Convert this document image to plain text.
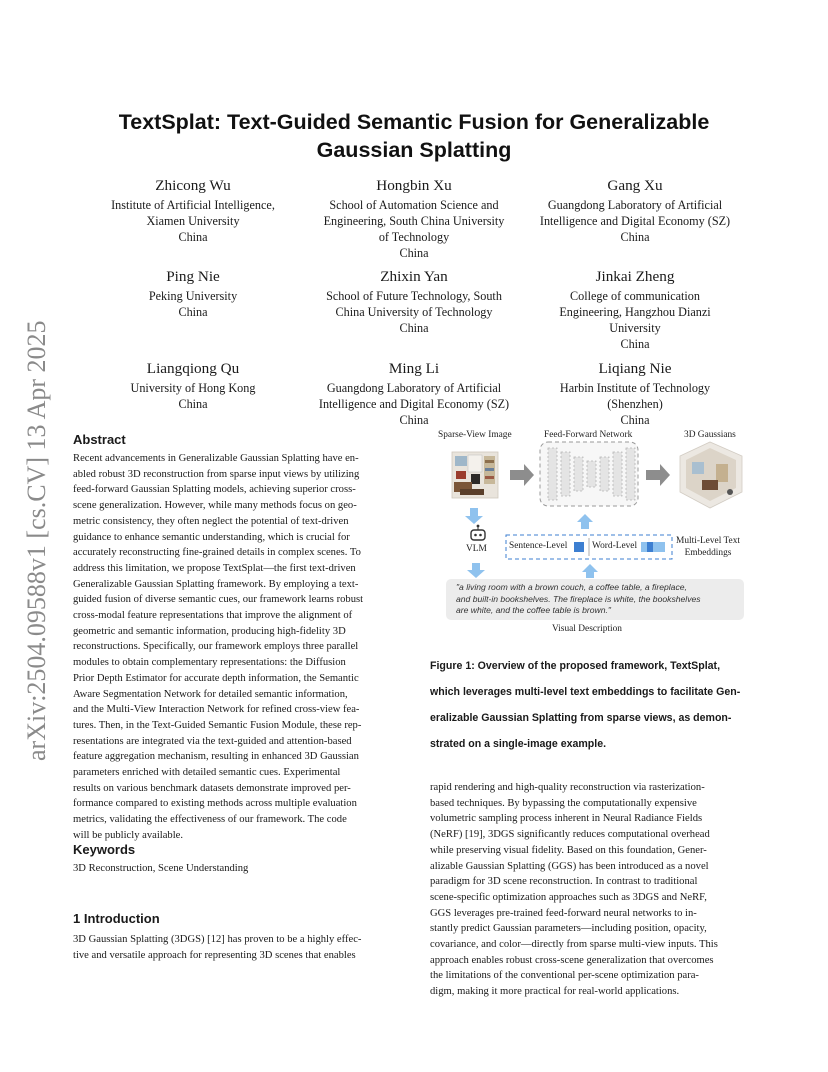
arXiv:2504.09588v1 [cs.CV] 13 Apr 2025
TextSplat: Text-Guided Semantic Fusion for Generalizable Gaussian Splatting
Zhicong Wu
Institute of Artificial Intelligence,
Xiamen University
China
Hongbin Xu
School of Automation Science and
Engineering, South China University
of Technology
China
Gang Xu
Guangdong Laboratory of Artificial
Intelligence and Digital Economy (SZ)
China
Ping Nie
Peking University
China
Zhixin Yan
School of Future Technology, South
China University of Technology
China
Jinkai Zheng
College of communication
Engineering, Hangzhou Dianzi
University
China
Liangqiong Qu
University of Hong Kong
China
Ming Li
Guangdong Laboratory of Artificial
Intelligence and Digital Economy (SZ)
China
Liqiang Nie
Harbin Institute of Technology
(Shenzhen)
China
Abstract

Recent advancements in Generalizable Gaussian Splatting have en-

abled robust 3D reconstruction from sparse input views by utilizing

feed-forward Gaussian Splatting models, achieving superior cross-

scene generalization. However, while many methods focus on geo-

metric consistency, they often neglect the potential of text-driven

guidance to enhance semantic understanding, which is crucial for

accurately reconstructing fine-grained details in complex scenes. To

address this limitation, we propose TextSplat—the first text-driven

Generalizable Gaussian Splatting framework. By employing a text-

guided fusion of diverse semantic cues, our framework learns robust

cross-modal feature representations that improve the alignment of

geometric and semantic information, producing high-fidelity 3D

reconstructions. Specifically, our framework employs three parallel

modules to obtain complementary representations: the Diffusion

Prior Depth Estimator for accurate depth information, the Semantic

Aware Segmentation Network for detailed semantic information,

and the Multi-View Interaction Network for refined cross-view fea-

tures. Then, in the Text-Guided Semantic Fusion Module, these rep-

resentations are integrated via the text-guided and attention-based

feature aggregation mechanism, resulting in enhanced 3D Gaussian

parameters enriched with detailed semantic cues. Experimental

results on various benchmark datasets demonstrate improved per-

formance compared to existing methods across multiple evaluation

metrics, validating the effectiveness of our framework. The code

will be publicly available.

Keywords
3D Reconstruction, Scene Understanding
1 Introduction

3D Gaussian Splatting (3DGS) [12] has proven to be a highly effec-

tive and versatile approach for representing 3D scenes that enables

rapid rendering and high-quality reconstruction via rasterization-

based techniques. By bypassing the computationally expensive

volumetric sampling process inherent in Neural Radiance Fields

(NeRF) [19], 3DGS significantly reduces computational overhead

while preserving visual fidelity. Based on this foundation, Gener-

alizable Gaussian Splatting (GGS) has been introduced as a novel

paradigm for 3D scene reconstruction. In contrast to traditional

scene-specific optimization approaches such as 3DGS and NeRF,

GGS leverages pre-trained feed-forward neural networks to in-

stantly predict Gaussian parameters—including position, opacity,

covariance, and color—directly from sparse multi-view inputs. This

approach enables robust cross-scene generalization that overcomes

the limitations of the conventional per-scene optimization para-

digm, making it more practical for real-world applications.

Sparse-View Image	Feed-Forward Network	3D Gaussians
VLM Sentence-Level	Word-Level	Multi-Level Text
Embeddings
"a living room with a brown couch, a coffee table, a fireplace,
and built-in bookshelves. The fireplace is white, the bookshelves
are white, and the coffee table is brown."
Visual Description

Figure 1: Overview of the proposed framework, TextSplat,

which leverages multi-level text embeddings to facilitate Gen-

eralizable Gaussian Splatting from sparse views, as demon-

strated on a single-image example.
